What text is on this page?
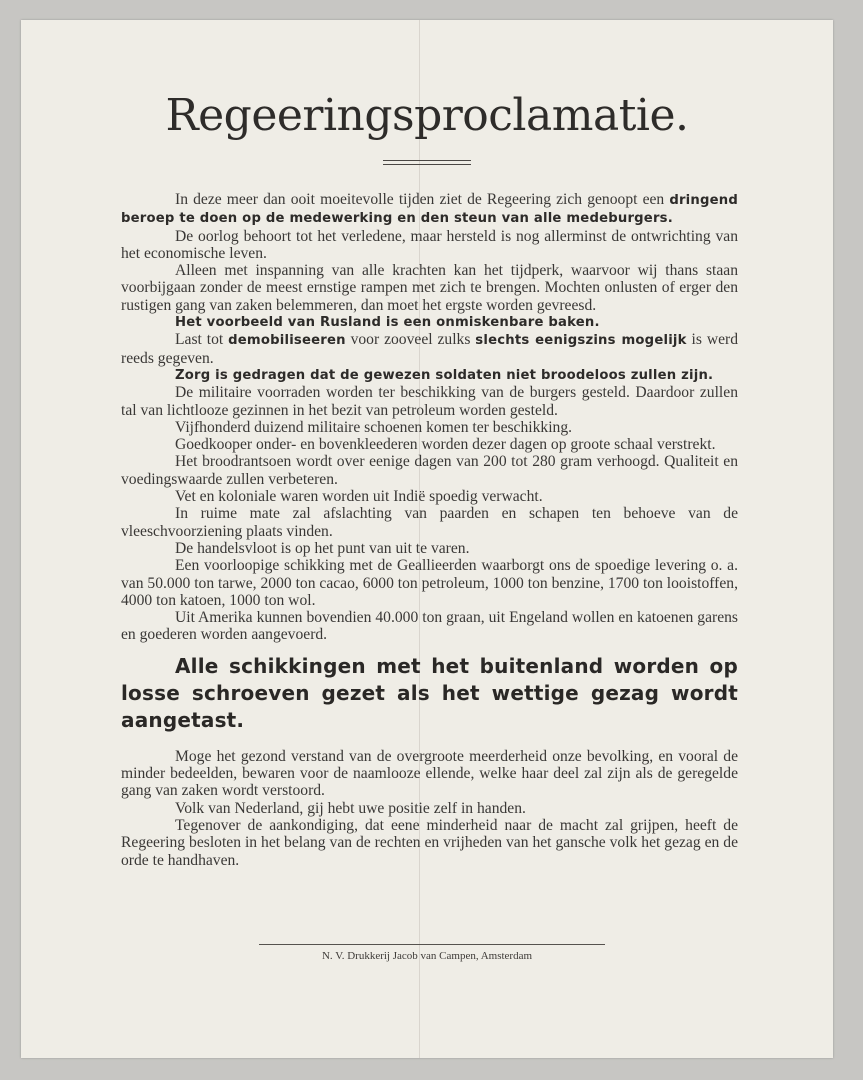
Regeeringsproclamatie.

In deze meer dan ooit moeitevolle tijden ziet de Regeering zich genoopt een dringend beroep te doen op de medewerking en den steun van alle medeburgers.

De oorlog behoort tot het verledene, maar hersteld is nog allerminst de ontwrichting van het economische leven.

Alleen met inspanning van alle krachten kan het tijdperk, waarvoor wij thans staan voorbijgaan zonder de meest ernstige rampen met zich te brengen. Mochten onlusten of erger den rustigen gang van zaken belemmeren, dan moet het ergste worden gevreesd.

Het voorbeeld van Rusland is een onmiskenbare baken.

Last tot demobiliseeren voor zooveel zulks slechts eenigszins mogelijk is werd reeds gegeven.

Zorg is gedragen dat de gewezen soldaten niet broodeloos zullen zijn.

De militaire voorraden worden ter beschikking van de burgers gesteld. Daardoor zullen tal van lichtlooze gezinnen in het bezit van petroleum worden gesteld.

Vijfhonderd duizend militaire schoenen komen ter beschikking.

Goedkooper onder- en bovenkleederen worden dezer dagen op groote schaal verstrekt.

Het broodrantsoen wordt over eenige dagen van 200 tot 280 gram verhoogd. Qualiteit en voedingswaarde zullen verbeteren.

Vet en koloniale waren worden uit Indië spoedig verwacht.

In ruime mate zal afslachting van paarden en schapen ten behoeve van de vleeschvoorziening plaats vinden.

De handelsvloot is op het punt van uit te varen.

Een voorloopige schikking met de Geallieerden waarborgt ons de spoedige levering o. a. van 50.000 ton tarwe, 2000 ton cacao, 6000 ton petroleum, 1000 ton benzine, 1700 ton looistoffen, 4000 ton katoen, 1000 ton wol.

Uit Amerika kunnen bovendien 40.000 ton graan, uit Engeland wollen en katoenen garens en goederen worden aangevoerd.

Alle schikkingen met het buitenland worden op losse schroeven gezet als het wettige gezag wordt aangetast.

Moge het gezond verstand van de overgroote meerderheid onze bevolking, en vooral de minder bedeelden, bewaren voor de naamlooze ellende, welke haar deel zal zijn als de geregelde gang van zaken wordt verstoord.

Volk van Nederland, gij hebt uwe positie zelf in handen.

Tegenover de aankondiging, dat eene minderheid naar de macht zal grijpen, heeft de Regeering besloten in het belang van de rechten en vrijheden van het gansche volk het gezag en de orde te handhaven.

N. V. Drukkerij Jacob van Campen, Amsterdam
